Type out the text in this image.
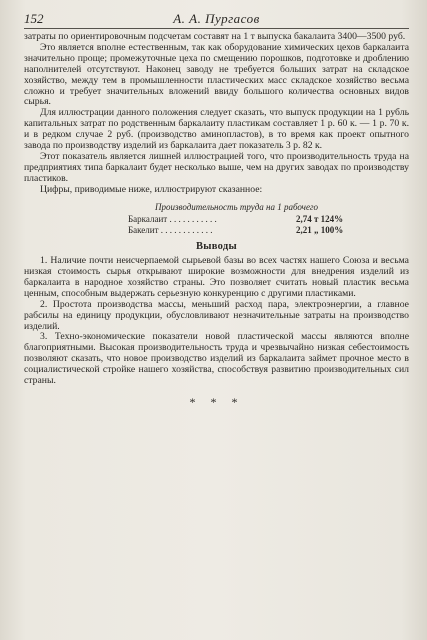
152	А. А. Пургасов

затраты по ориентировочным подсчетам составят на 1 т выпуска бакалаита 3400—3500 руб.

Это является вполне естественным, так как оборудование химических цехов баркалаита значительно проще; промежуточные цеха по смещению порошков, подготовке и дроблению наполнителей отсутствуют. Наконец заводу не требуется больших затрат на складское хозяйство, между тем в промышленности пластических масс складское хозяйство весьма сложно и требует значительных вложений ввиду большого количества основных видов сырья.

Для иллюстрации данного положения следует сказать, что выпуск продукции на 1 рубль капитальных затрат по родственным баркалаиту пластикам составляет 1 р. 60 к. — 1 р. 70 к. и в редком случае 2 руб. (производство аминопластов), в то время как проект опытного завода по производству изделий из баркалаита дает показатель 3 р. 82 к.

Этот показатель является лишней иллюстрацией того, что производительность труда на предприятиях типа баркалаит будет несколько выше, чем на других заводах по производству пластиков.

Цифры, приводимые ниже, иллюстрируют сказанное:

Производительность труда на 1 рабочего
Баркалаит . . . . . . . . . . .	2,74 т 124%
Бакелит . . . . . . . . . . . .	2,21 „ 100%
Выводы

1. Наличие почти неисчерпаемой сырьевой базы во всех частях нашего Союза и весьма низкая стоимость сырья открывают широкие возможности для внедрения изделий из баркалаита в народное хозяйство страны. Это позволяет считать новый пластик весьма ценным, способным выдержать серьезную конкуренцию с другими пластиками.

2. Простота производства массы, меньший расход пара, электроэнергии, а главное рабсилы на единицу продукции, обусловливают незначительные затраты на производство изделий.

3. Техно-экономические показатели новой пластической массы являются вполне благоприятными. Высокая производительность труда и чрезвычайно низкая себестоимость позволяют сказать, что новое производство изделий из баркалаита займет прочное место в социалистической стройке нашего хозяйства, способствуя развитию производительных сил страны.

* * *
